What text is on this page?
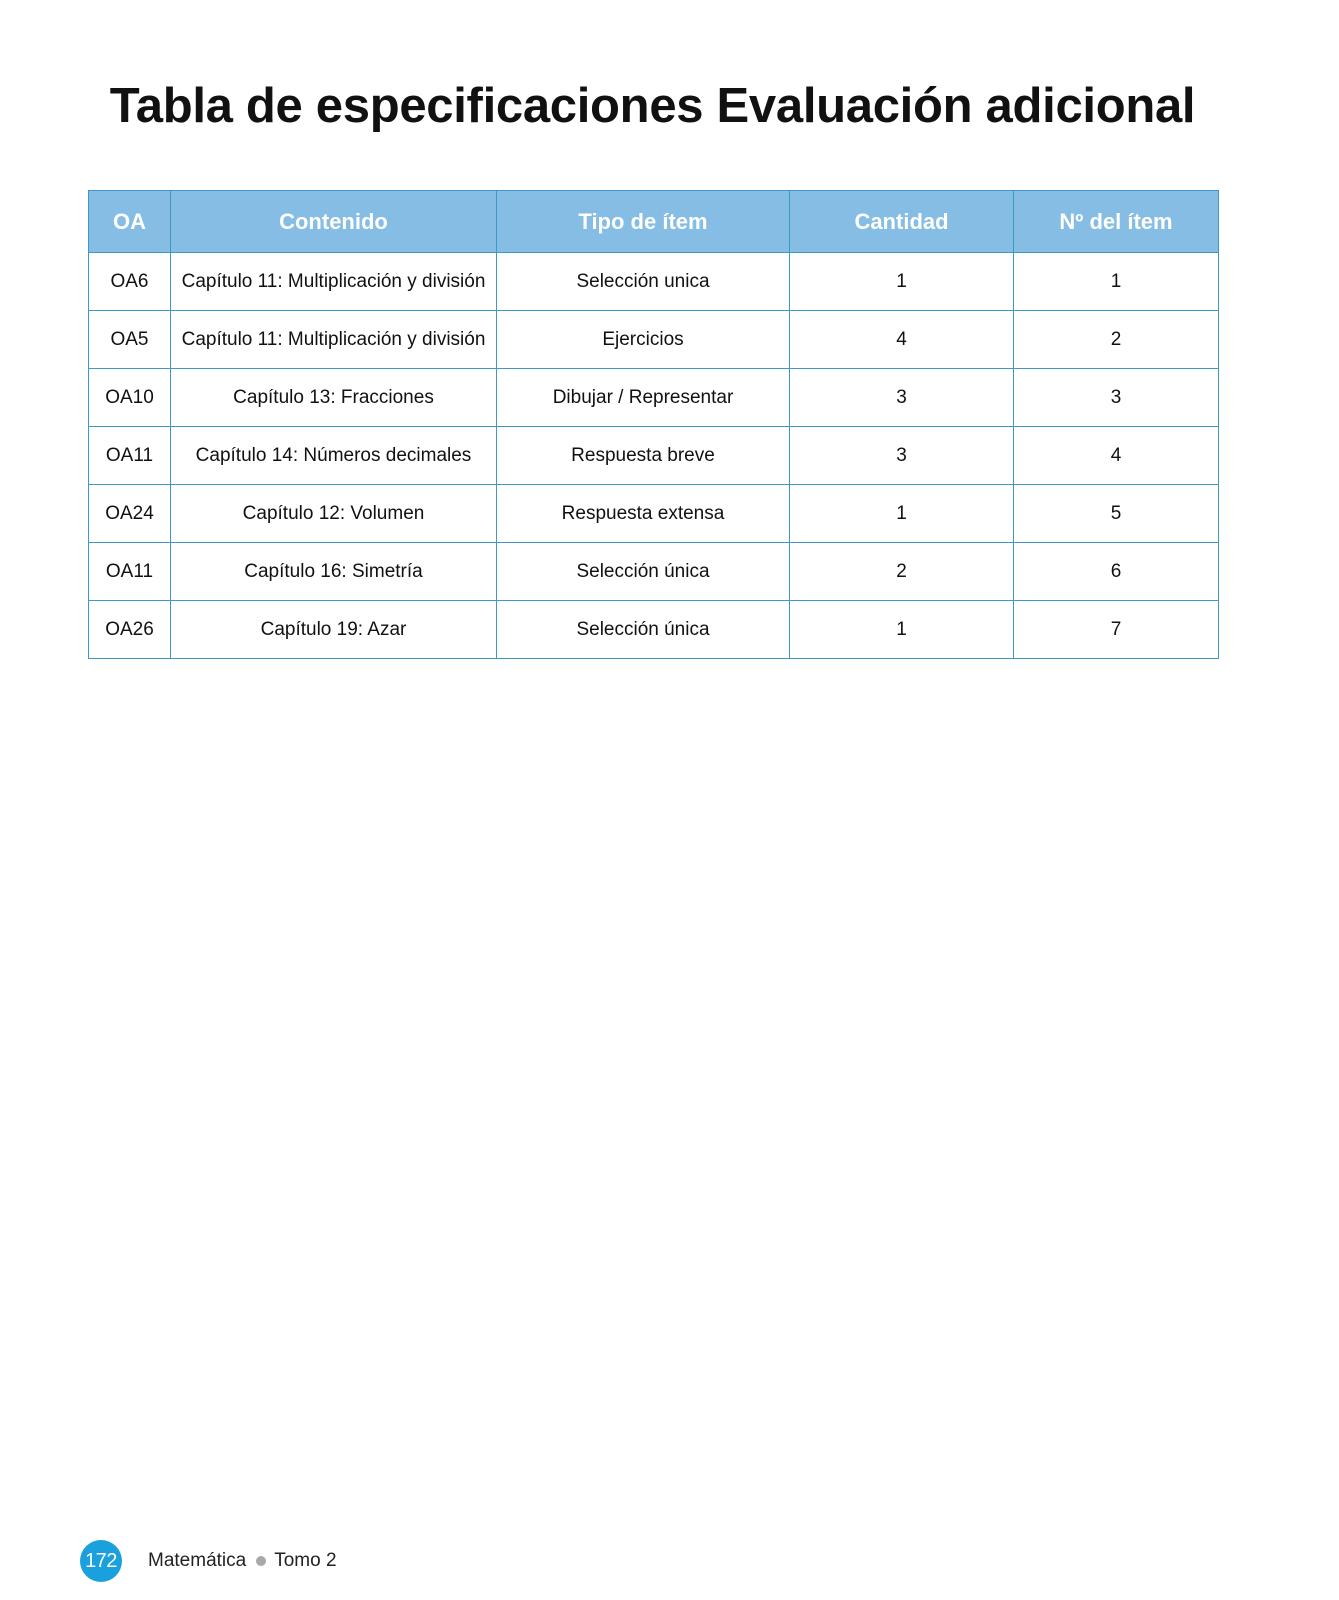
Tabla de especificaciones Evaluación adicional
OA	Contenido	Tipo de ítem	Cantidad	Nº del ítem
OA6	Capítulo 11: Multiplicación y división	Selección unica	1	1
OA5	Capítulo 11: Multiplicación y división	Ejercicios	4	2
OA10	Capítulo 13: Fracciones	Dibujar / Representar	3	3
OA11	Capítulo 14: Números decimales	Respuesta breve	3	4
OA24	Capítulo 12: Volumen	Respuesta extensa	1	5
OA11	Capítulo 16: Simetría	Selección única	2	6
OA26	Capítulo 19: Azar	Selección única	1	7
172 Matemática Tomo 2
